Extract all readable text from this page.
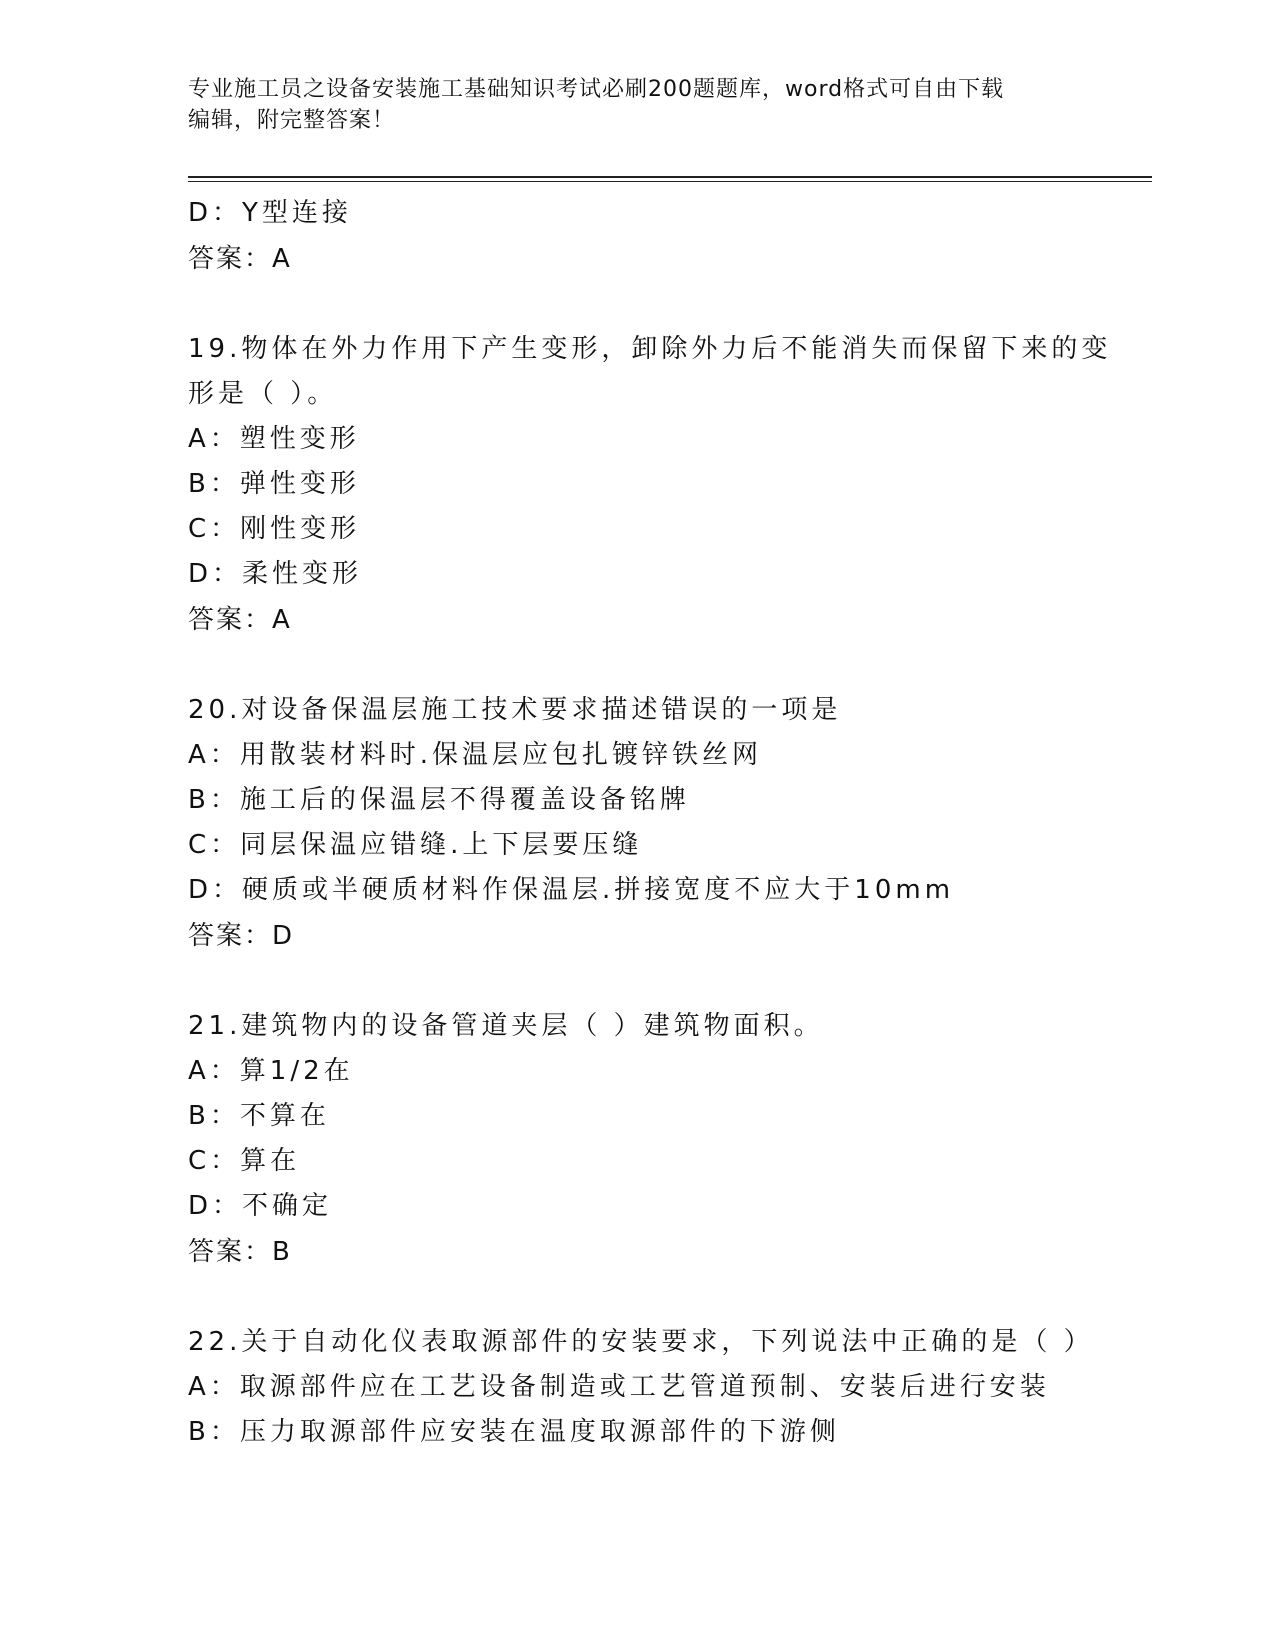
专业施工员之设备安装施工基础知识考试必刷200题题库，word格式可自由下载
编辑，附完整答案！
D：Y型连接
答案：A
19.物体在外力作用下产生变形，卸除外力后不能消失而保留下来的变
形是（ ）。
A：塑性变形
B：弹性变形
C：刚性变形
D：柔性变形
答案：A
20.对设备保温层施工技术要求描述错误的一项是
A：用散装材料时.保温层应包扎镀锌铁丝网
B：施工后的保温层不得覆盖设备铭牌
C：同层保温应错缝.上下层要压缝
D：硬质或半硬质材料作保温层.拼接宽度不应大于10mm
答案：D
21.建筑物内的设备管道夹层（ ）建筑物面积。
A：算1/2在
B：不算在
C：算在
D：不确定
答案：B
22.关于自动化仪表取源部件的安装要求，下列说法中正确的是（ ）
A：取源部件应在工艺设备制造或工艺管道预制、安装后进行安装
B：压力取源部件应安装在温度取源部件的下游侧
